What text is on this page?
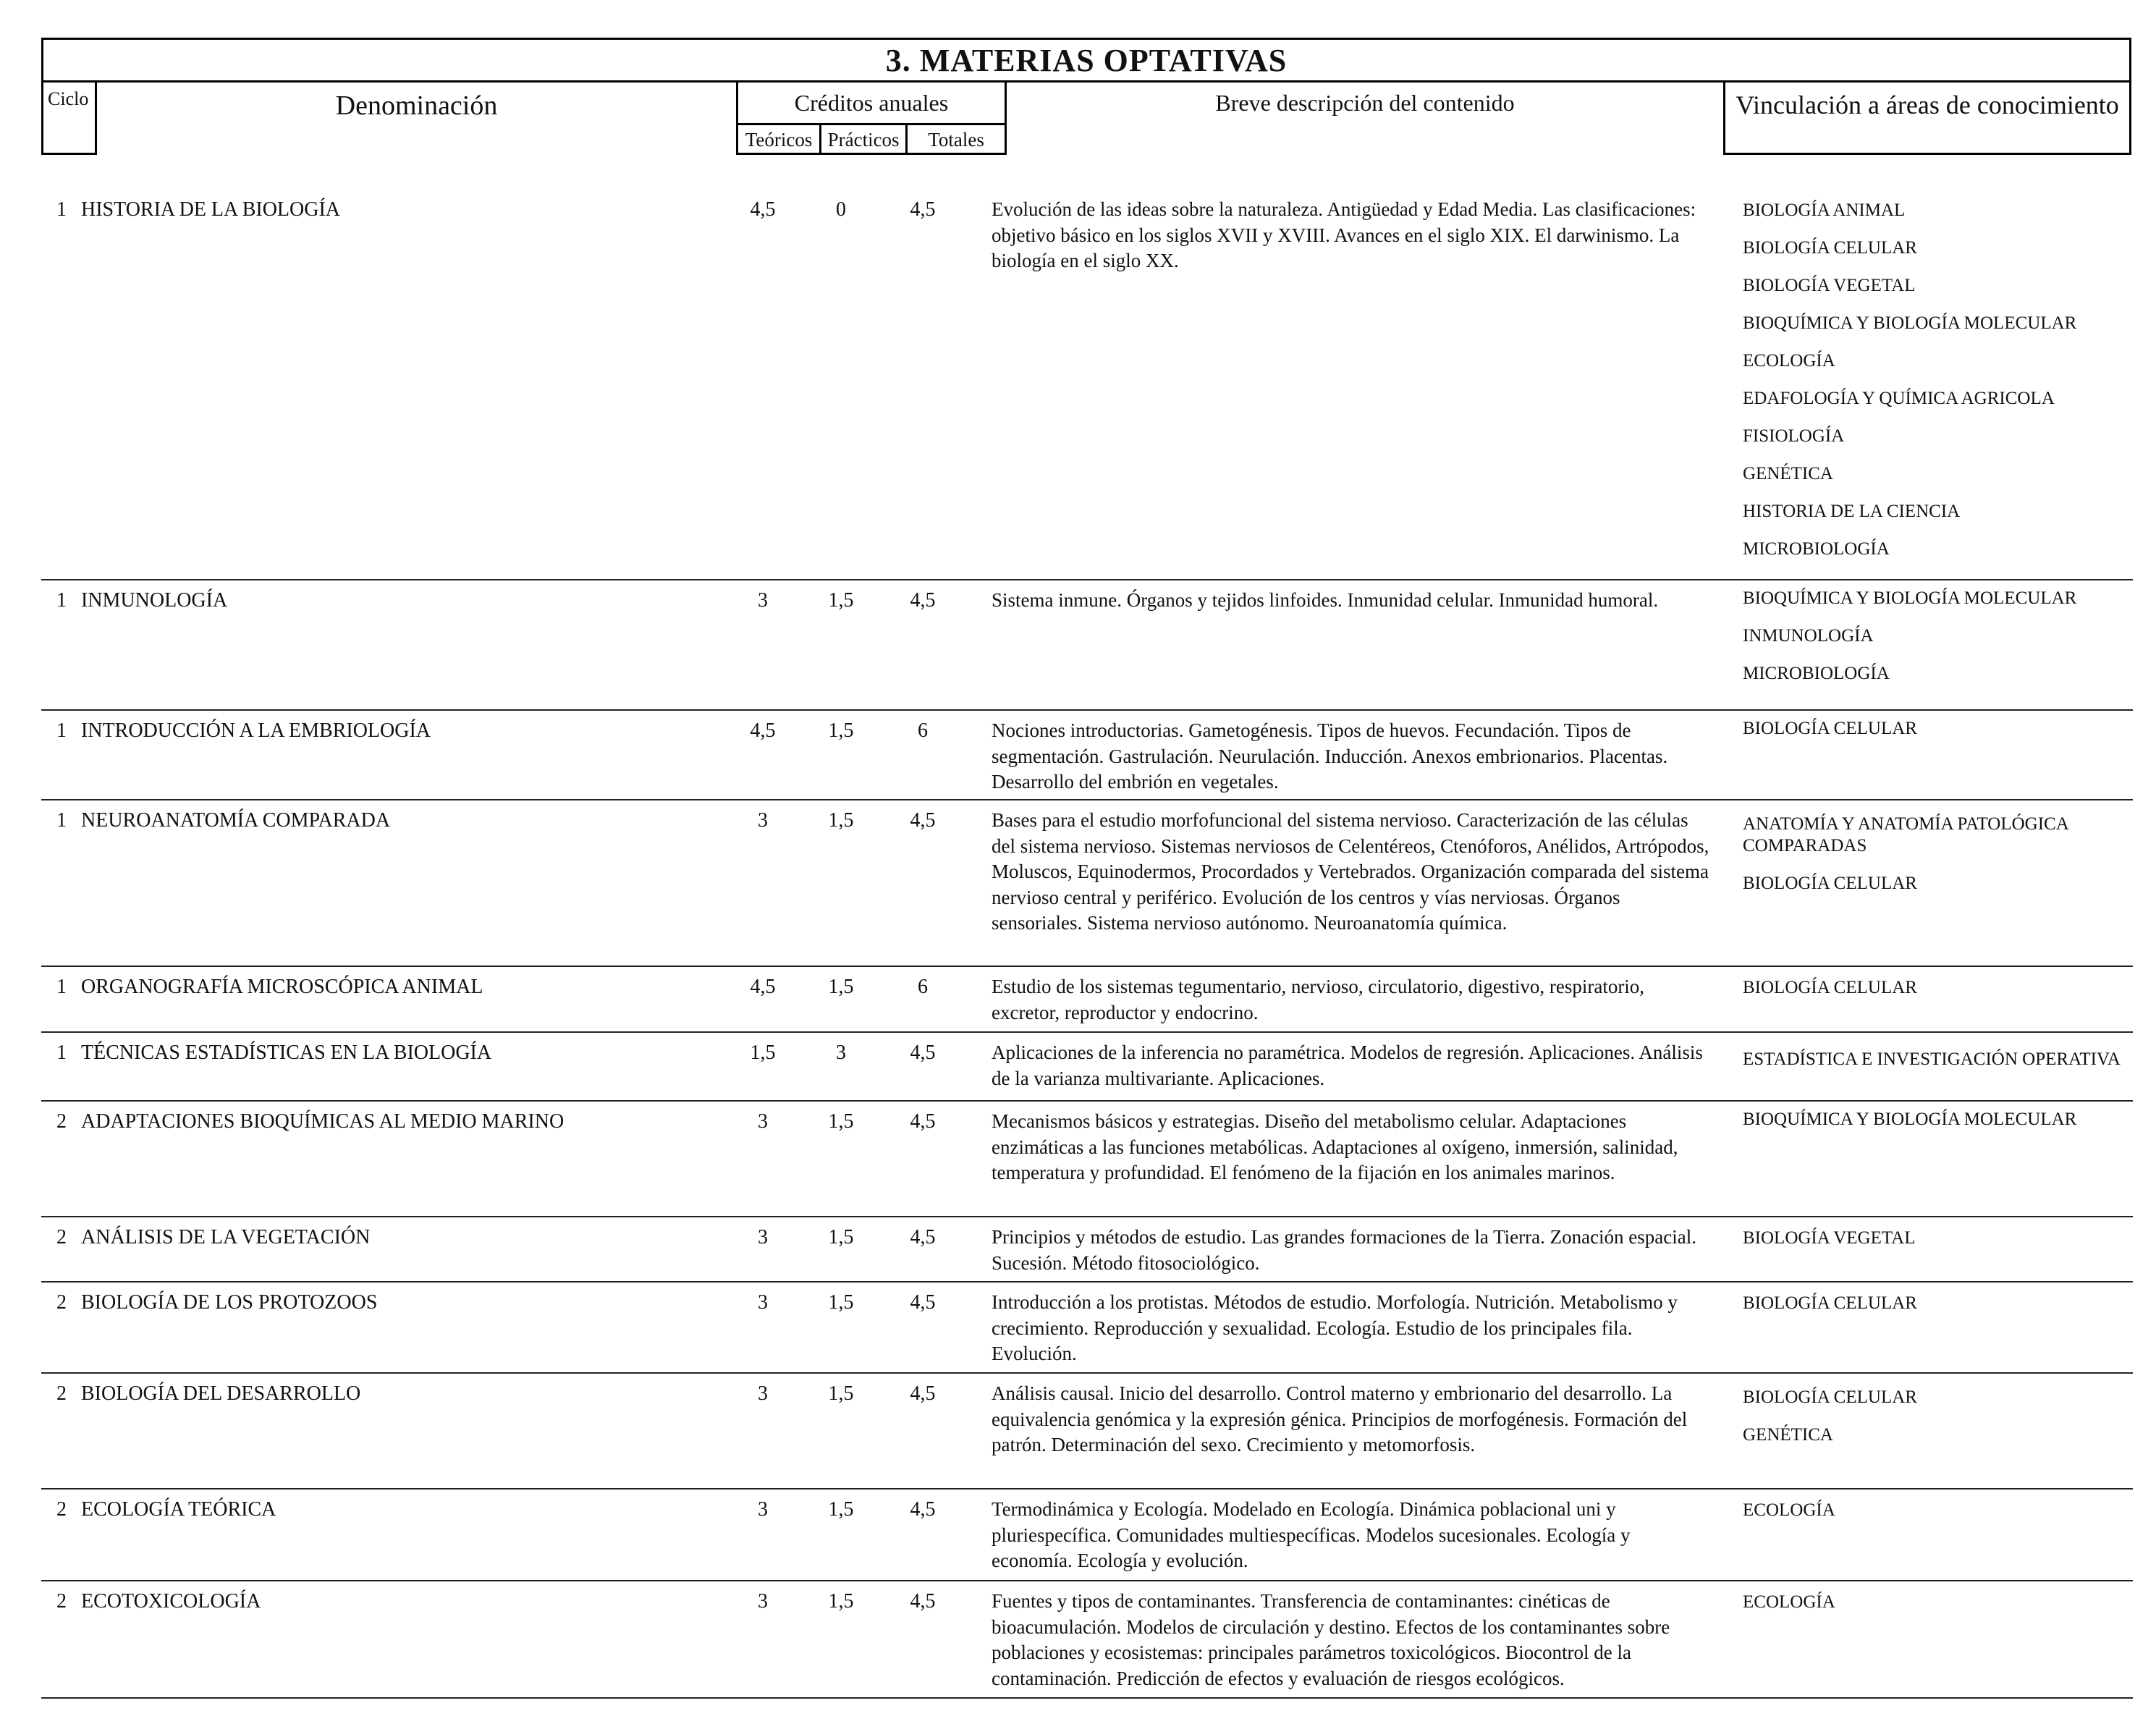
3. MATERIAS OPTATIVAS
Ciclo	Denominación	Créditos anuales
Teóricos Prácticos	Totales
Breve descripción del contenido	Vinculación a áreas de conocimiento
1 HISTORIA DE LA BIOLOGÍA	4,5	0	4,5	Evolución de las ideas sobre la naturaleza. Antigüedad y Edad Media. Las clasificaciones: objetivo básico en los siglos XVII y XVIII. Avances en el siglo XIX. El darwinismo. La biología en el siglo XX.
BIOLOGÍA ANIMAL
BIOLOGÍA CELULAR
BIOLOGÍA VEGETAL
BIOQUÍMICA Y BIOLOGÍA MOLECULAR
ECOLOGÍA
EDAFOLOGÍA Y QUÍMICA AGRICOLA
FISIOLOGÍA
GENÉTICA
HISTORIA DE LA CIENCIA
MICROBIOLOGÍA
1 INMUNOLOGÍA	3	1,5	4,5	Sistema inmune. Órganos y tejidos linfoides. Inmunidad celular. Inmunidad humoral.	BIOQUÍMICA Y BIOLOGÍA MOLECULAR
INMUNOLOGÍA
MICROBIOLOGÍA
1 INTRODUCCIÓN A LA EMBRIOLOGÍA	4,5	1,5	6	Nociones introductorias. Gametogénesis. Tipos de huevos. Fecundación. Tipos de segmentación. Gastrulación. Neurulación. Inducción. Anexos embrionarios. Placentas. Desarrollo del embrión en vegetales.
BIOLOGÍA CELULAR
1 NEUROANATOMÍA COMPARADA	3	1,5	4,5	Bases para el estudio morfofuncional del sistema nervioso. Caracterización de las células del sistema nervioso. Sistemas nerviosos de Celentéreos, Ctenóforos, Anélidos, Artrópodos, Moluscos, Equinodermos, Procordados y Vertebrados. Organización comparada del sistema nervioso central y periférico. Evolución de los centros y vías nerviosas. Órganos sensoriales. Sistema nervioso autónomo. Neuroanatomía química.
ANATOMÍA Y ANATOMÍA PATOLÓGICA COMPARADAS
BIOLOGÍA CELULAR
1 ORGANOGRAFÍA MICROSCÓPICA ANIMAL	4,5	1,5	6	Estudio de los sistemas tegumentario, nervioso, circulatorio, digestivo, respiratorio, excretor, reproductor y endocrino.
BIOLOGÍA CELULAR
1 TÉCNICAS ESTADÍSTICAS EN LA BIOLOGÍA	1,5	3	4,5	Aplicaciones de la inferencia no paramétrica. Modelos de regresión. Aplicaciones. Análisis de la varianza multivariante. Aplicaciones.
ESTADÍSTICA E INVESTIGACIÓN OPERATIVA
2 ADAPTACIONES BIOQUÍMICAS AL MEDIO MARINO	3	1,5	4,5	Mecanismos básicos y estrategias. Diseño del metabolismo celular. Adaptaciones enzimáticas a las funciones metabólicas. Adaptaciones al oxígeno, inmersión, salinidad, temperatura y profundidad. El fenómeno de la fijación en los animales marinos.
BIOQUÍMICA Y BIOLOGÍA MOLECULAR
2 ANÁLISIS DE LA VEGETACIÓN	3	1,5	4,5	Principios y métodos de estudio. Las grandes formaciones de la Tierra. Zonación espacial. Sucesión. Método fitosociológico.
BIOLOGÍA VEGETAL
2 BIOLOGÍA DE LOS PROTOZOOS	3	1,5	4,5	Introducción a los protistas. Métodos de estudio. Morfología. Nutrición. Metabolismo y crecimiento. Reproducción y sexualidad. Ecología. Estudio de los principales fila. Evolución.
BIOLOGÍA CELULAR
2 BIOLOGÍA DEL DESARROLLO	3	1,5	4,5	Análisis causal. Inicio del desarrollo. Control materno y embrionario del desarrollo. La equivalencia genómica y la expresión génica. Principios de morfogénesis. Formación del patrón. Determinación del sexo. Crecimiento y metomorfosis.
BIOLOGÍA CELULAR
GENÉTICA
2 ECOLOGÍA TEÓRICA	3	1,5	4,5	Termodinámica y Ecología. Modelado en Ecología. Dinámica poblacional uni y pluriespecífica. Comunidades multiespecíficas. Modelos sucesionales. Ecología y economía. Ecología y evolución.
ECOLOGÍA
2 ECOTOXICOLOGÍA	3	1,5	4,5	Fuentes y tipos de contaminantes. Transferencia de contaminantes: cinéticas de bioacumulación. Modelos de circulación y destino. Efectos de los contaminantes sobre poblaciones y ecosistemas: principales parámetros toxicológicos. Biocontrol de la contaminación. Predicción de efectos y evaluación de riesgos ecológicos.
ECOLOGÍA
